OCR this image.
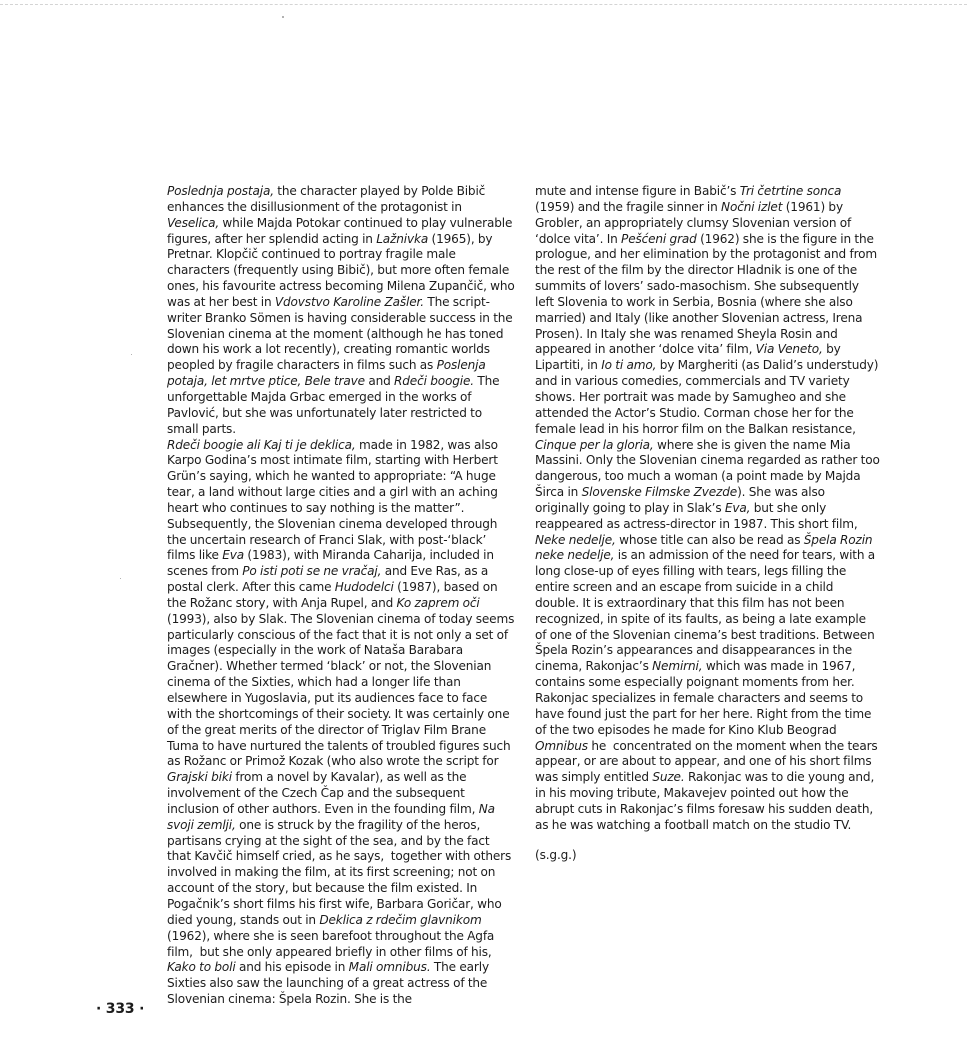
Poslednja postaja, the character played by Polde Bibič enhances the disillusionment of the protagonist in Veselica, while Majda Potokar continued to play vulnerable figures, after her splendid acting in Lažnivka (1965), by Pretnar. Klopčič continued to portray fragile male characters (frequently using Bibič), but more often female ones, his favourite actress becoming Milena Zupančič, who was at her best in Vdovstvo Karoline Zašler. The script-writer Branko Sömen is having considerable success in the Slovenian cinema at the moment (although he has toned down his work a lot recently), creating romantic worlds peopled by fragile characters in films such as Poslenja potaja, let mrtve ptice, Bele trave and Rdeči boogie. The unforgettable Majda Grbac emerged in the works of Pavlović, but she was unfortunately later restricted to small parts.
Rdeči boogie ali Kaj ti je deklica, made in 1982, was also Karpo Godina’s most intimate film, starting with Herbert Grün’s saying, which he wanted to appropriate: “A huge tear, a land without large cities and a girl with an aching heart who continues to say nothing is the matter”. Subsequently, the Slovenian cinema developed through the uncertain research of Franci Slak, with post-‘black’ films like Eva (1983), with Miranda Caharija, included in scenes from Po isti poti se ne vračaj, and Eve Ras, as a postal clerk. After this came Hudodelci (1987), based on the Rožanc story, with Anja Rupel, and Ko zaprem oči (1993), also by Slak. The Slovenian cinema of today seems particularly conscious of the fact that it is not only a set of images (especially in the work of Nataša Barabara Gračner). Whether termed ‘black’ or not, the Slovenian cinema of the Sixties, which had a longer life than elsewhere in Yugoslavia, put its audiences face to face with the shortcomings of their society. It was certainly one of the great merits of the director of Triglav Film Brane Tuma to have nurtured the talents of troubled figures such as Rožanc or Primož Kozak (who also wrote the script for Grajski biki from a novel by Kavalar), as well as the involvement of the Czech Čap and the subsequent inclusion of other authors. Even in the founding film, Na svoji zemlji, one is struck by the fragility of the heros, partisans crying at the sight of the sea, and by the fact that Kavčič himself cried, as he says,  together with others involved in making the film, at its first screening; not on account of the story, but because the film existed. In Pogačnik’s short films his first wife, Barbara Goričar, who died young, stands out in Deklica z rdečim glavnikom (1962), where she is seen barefoot throughout the Agfa film,  but she only appeared briefly in other films of his, Kako to boli and his episode in Mali omnibus. The early Sixties also saw the launching of a great actress of the Slovenian cinema: Špela Rozin. She is the
mute and intense figure in Babič’s Tri četrtine sonca (1959) and the fragile sinner in Nočni izlet (1961) by Grobler, an appropriately clumsy Slovenian version of ‘dolce vita’. In Pešćeni grad (1962) she is the figure in the prologue, and her elimination by the protagonist and from the rest of the film by the director Hladnik is one of the summits of lovers’ sado-masochism. She subsequently left Slovenia to work in Serbia, Bosnia (where she also married) and Italy (like another Slovenian actress, Irena Prosen). In Italy she was renamed Sheyla Rosin and appeared in another ‘dolce vita’ film, Via Veneto, by Lipartiti, in Io ti amo, by Margheriti (as Dalid’s understudy) and in various comedies, commercials and TV variety shows. Her portrait was made by Samugheo and she attended the Actor’s Studio. Corman chose her for the female lead in his horror film on the Balkan resistance, Cinque per la gloria, where she is given the name Mia Massini. Only the Slovenian cinema regarded as rather too dangerous, too much a woman (a point made by Majda Širca in Slovenske Filmske Zvezde). She was also originally going to play in Slak’s Eva, but she only reappeared as actress-director in 1987. This short film, Neke nedelje, whose title can also be read as Špela Rozin neke nedelje, is an admission of the need for tears, with a long close-up of eyes filling with tears, legs filling the entire screen and an escape from suicide in a child double. It is extraordinary that this film has not been recognized, in spite of its faults, as being a late example of one of the Slovenian cinema’s best traditions. Between Špela Rozin’s appearances and disappearances in the cinema, Rakonjac’s Nemirni, which was made in 1967, contains some especially poignant moments from her. Rakonjac specializes in female characters and seems to have found just the part for her here. Right from the time of the two episodes he made for Kino Klub Beograd Omnibus he  concentrated on the moment when the tears appear, or are about to appear, and one of his short films was simply entitled Suze. Rakonjac was to die young and, in his moving tribute, Makavejev pointed out how the abrupt cuts in Rakonjac’s films foresaw his sudden death, as he was watching a football match on the studio TV.
(s.g.g.)
· 333 ·
